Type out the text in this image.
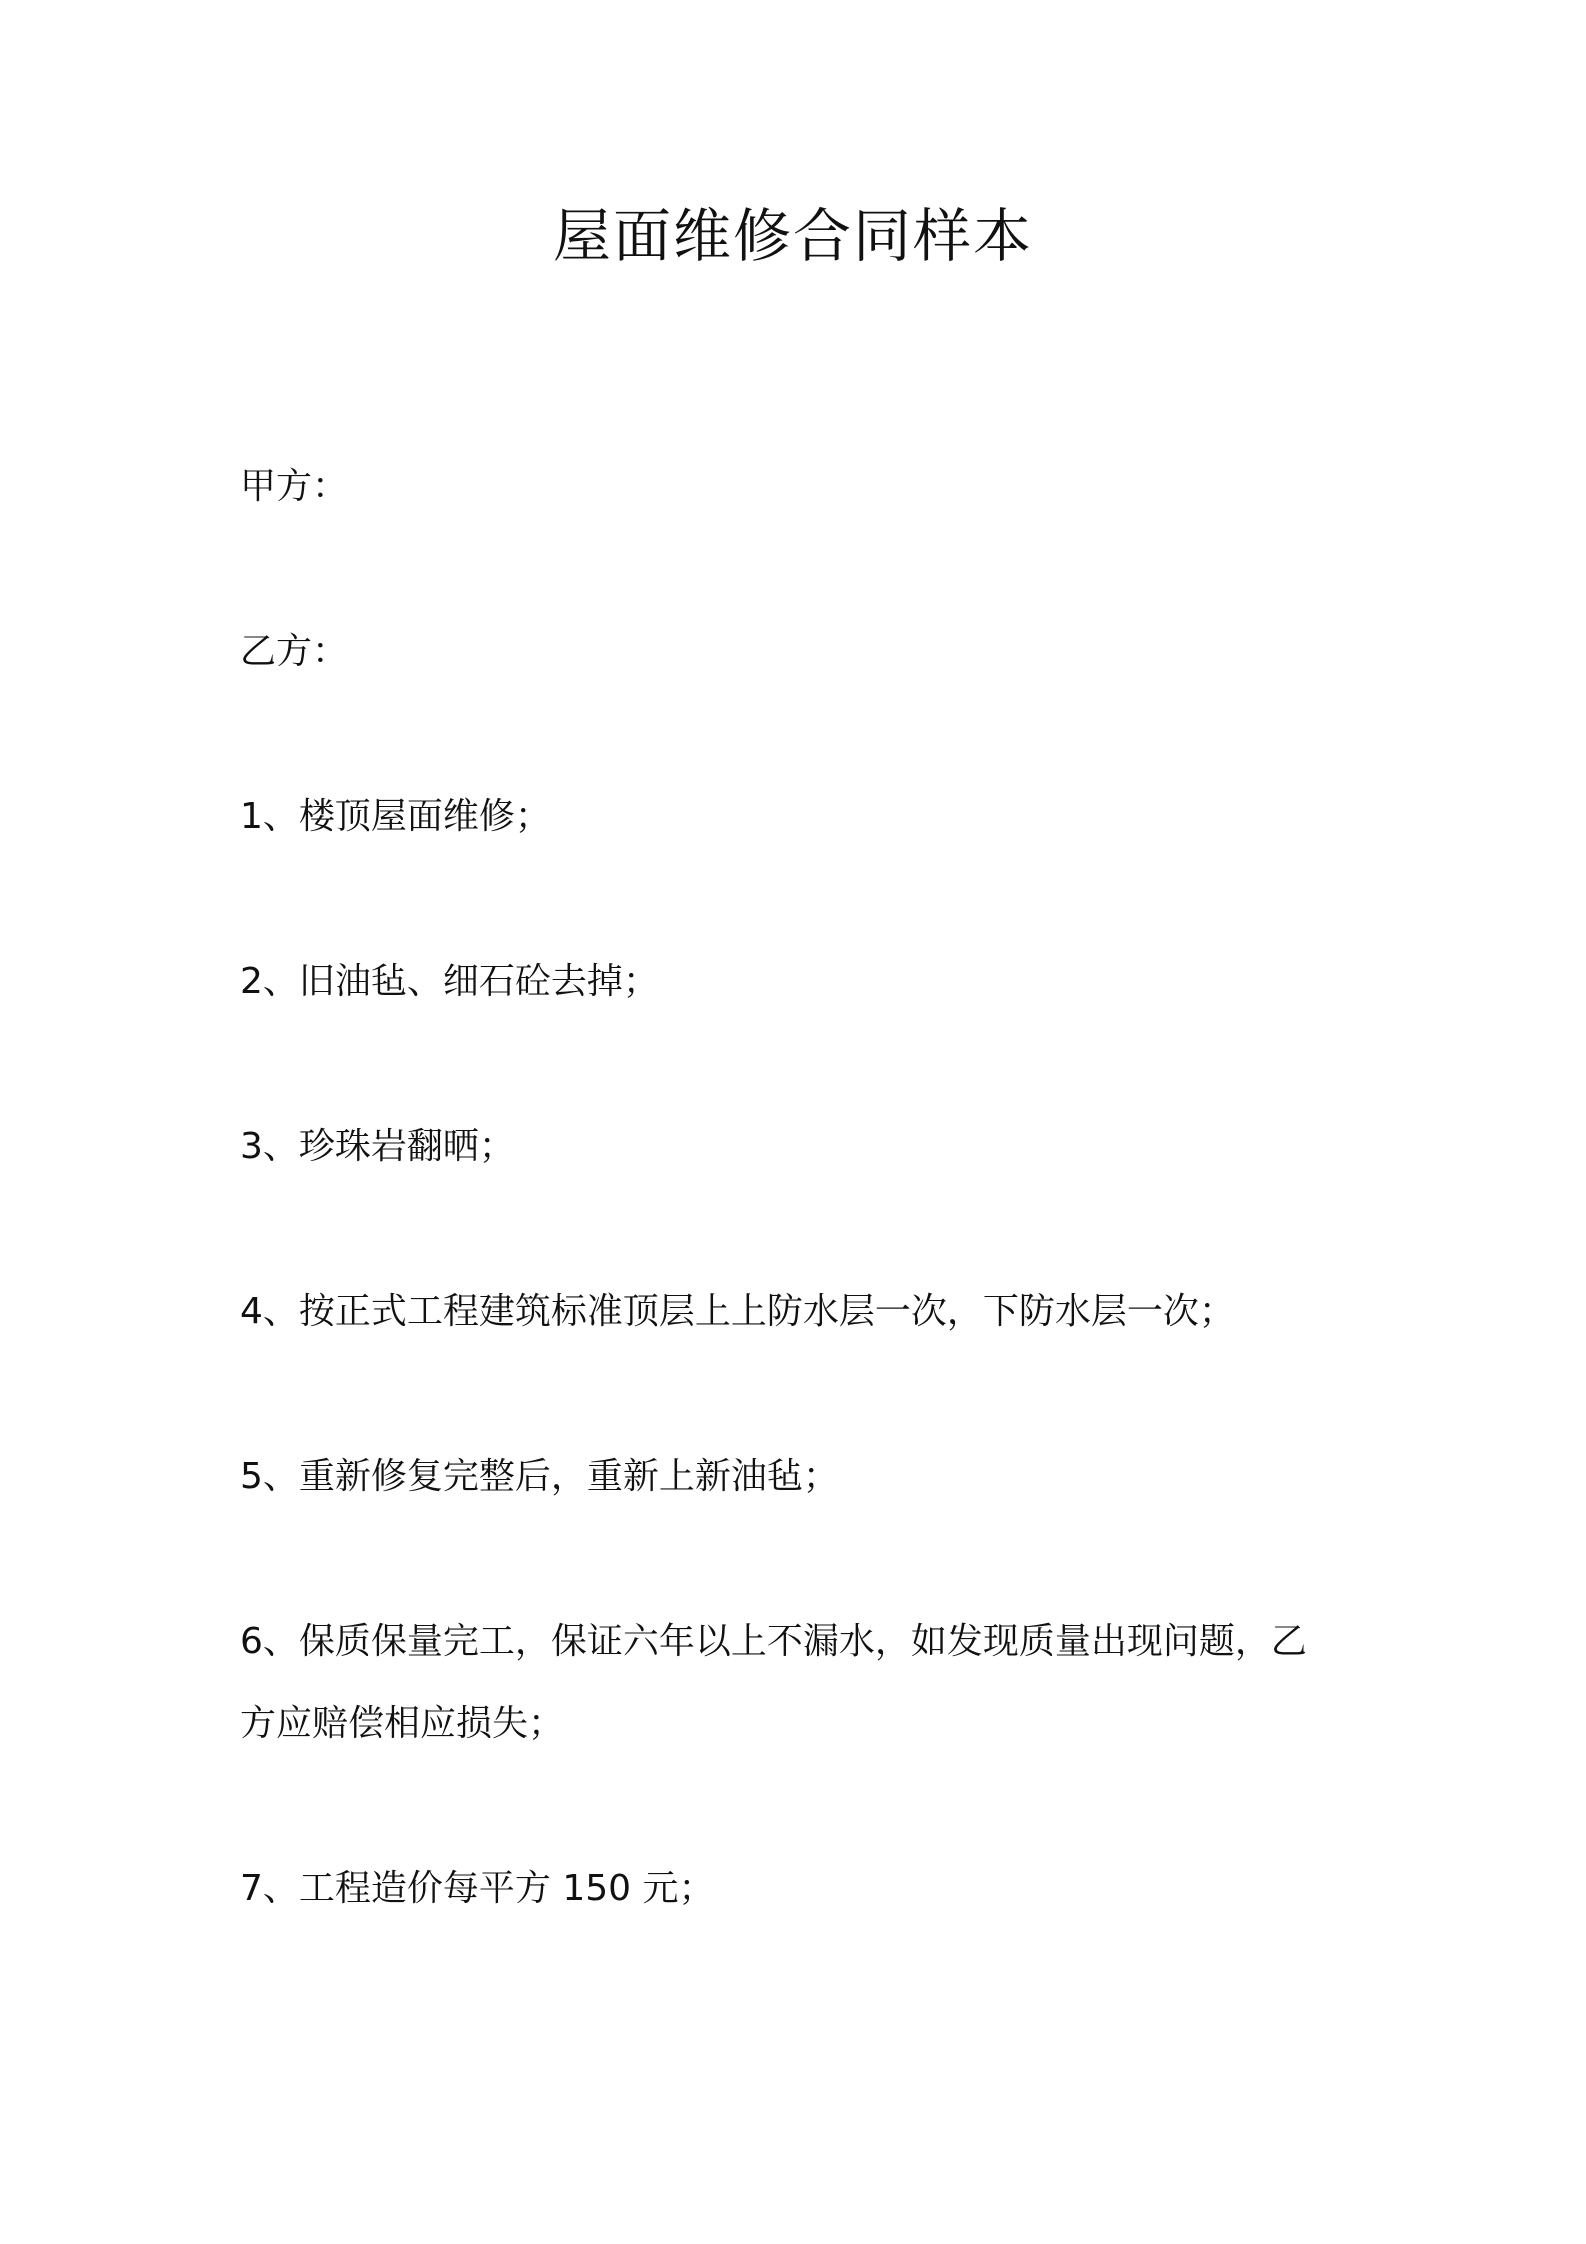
屋面维修合同样本
甲方：
乙方：
1、楼顶屋面维修；
2、旧油毡、细石砼去掉；
3、珍珠岩翻晒；
4、按正式工程建筑标准顶层上上防水层一次，下防水层一次；
5、重新修复完整后，重新上新油毡；
6、保质保量完工，保证六年以上不漏水，如发现质量出现问题，乙
方应赔偿相应损失；
7、工程造价每平方 150 元；
